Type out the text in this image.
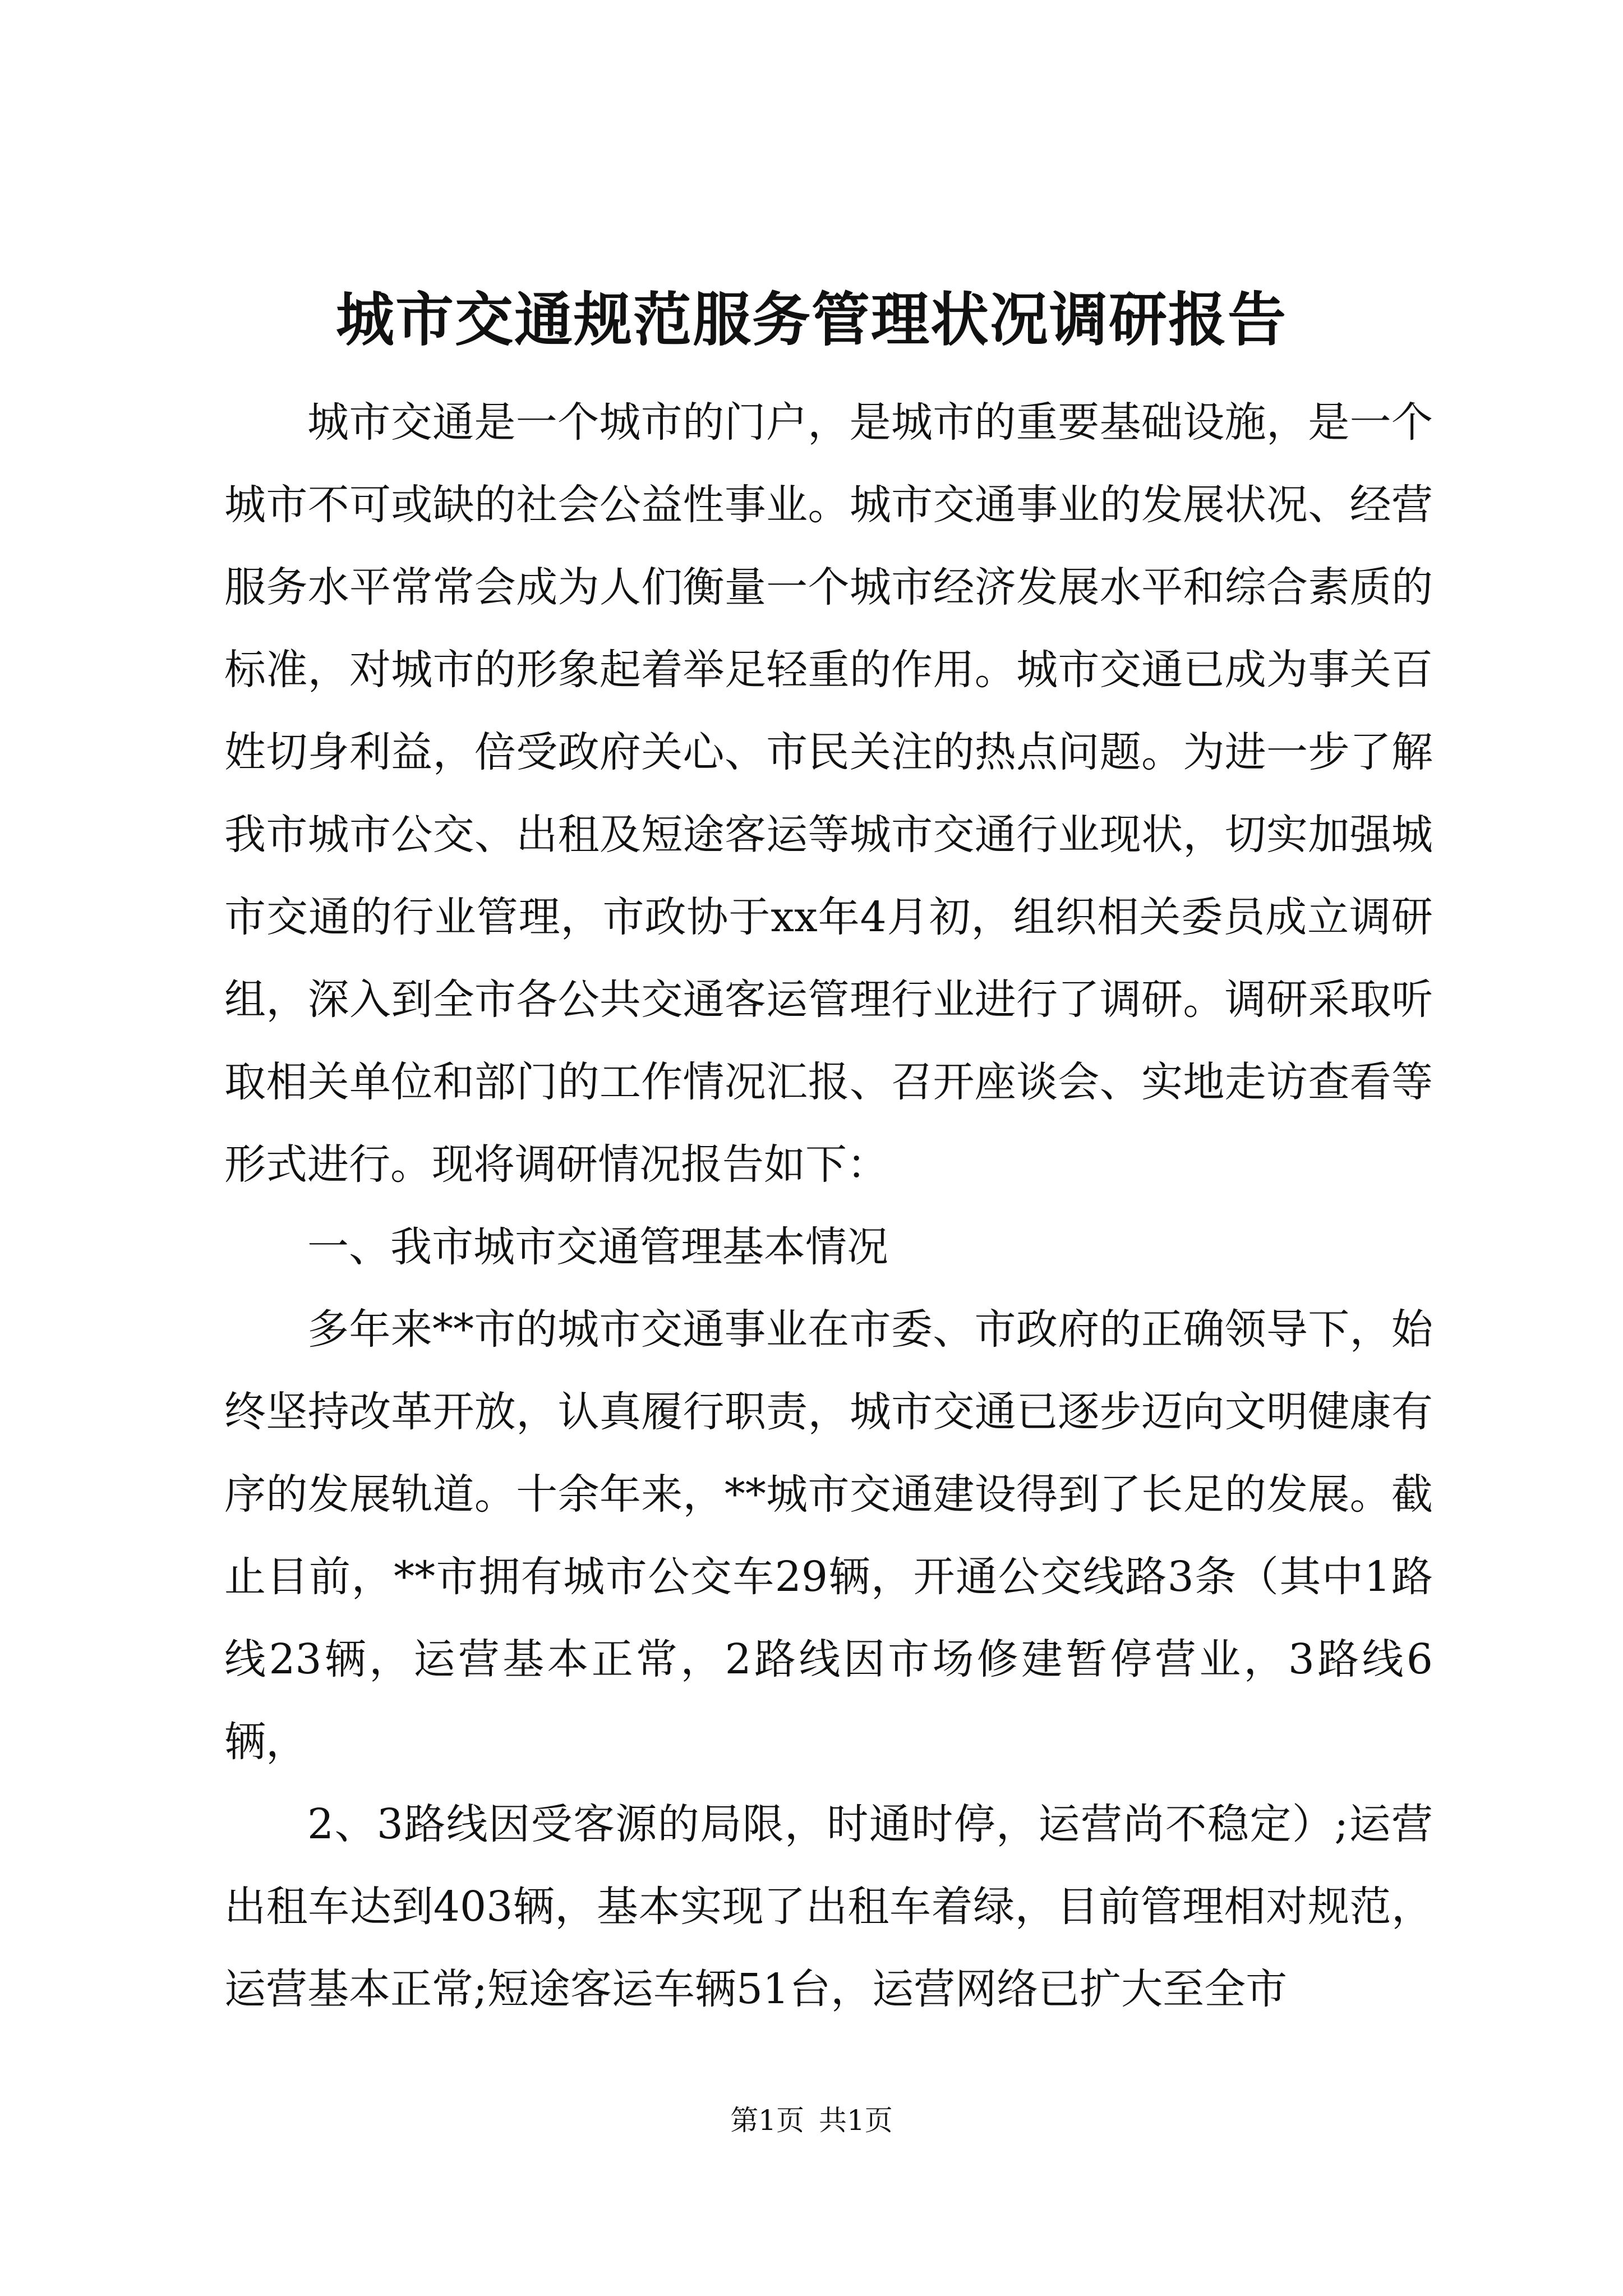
城市交通规范服务管理状况调研报告

城市交通是一个城市的门户，是城市的重要基础设施，是一个城市不可或缺的社会公益性事业。城市交通事业的发展状况、经营服务水平常常会成为人们衡量一个城市经济发展水平和综合素质的标准，对城市的形象起着举足轻重的作用。城市交通已成为事关百姓切身利益，倍受政府关心、市民关注的热点问题。为进一步了解我市城市公交、出租及短途客运等城市交通行业现状，切实加强城市交通的行业管理，市政协于xx年4月初，组织相关委员成立调研组，深入到全市各公共交通客运管理行业进行了调研。调研采取听取相关单位和部门的工作情况汇报、召开座谈会、实地走访查看等形式进行。现将调研情况报告如下：

一、我市城市交通管理基本情况

多年来**市的城市交通事业在市委、市政府的正确领导下，始终坚持改革开放，认真履行职责，城市交通已逐步迈向文明健康有序的发展轨道。十余年来，**城市交通建设得到了长足的发展。截止目前，**市拥有城市公交车29辆，开通公交线路3条（其中1路线23辆，运营基本正常，2路线因市场修建暂停营业，3路线6辆，

2、3路线因受客源的局限，时通时停，运营尚不稳定）;运营出租车达到403辆，基本实现了出租车着绿，目前管理相对规范，运营基本正常;短途客运车辆51台，运营网络已扩大至全市

第1页 共1页
